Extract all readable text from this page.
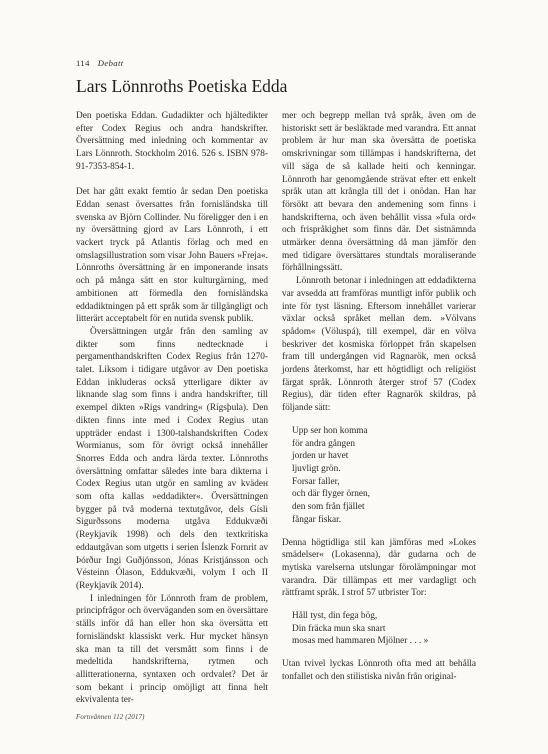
114 Debatt
Lars Lönnroths Poetiska Edda

Den poetiska Eddan. Gudadikter och hjältedikter efter Codex Regius och andra handskrifter. Översättning med inledning och kommentar av Lars Lönnroth. Stockholm 2016. 526 s. ISBN 978-91-7353-854-1.

Det har gått exakt femtio år sedan Den poetiska Eddan senast översattes från fornisländska till svenska av Björn Collinder. Nu föreligger den i en ny översättning gjord av Lars Lönnroth, i ett vackert tryck på Atlantis förlag och med en omslagsillustration som visar John Bauers »Freja«. Lönnroths översättning är en imponerande insats och på många sätt en stor kulturgärning, med ambitionen att förmedla den fornisländska eddadiktningen på ett språk som är tillgängligt och litterärt acceptabelt för en nutida svensk publik.

Översättningen utgår från den samling av dikter som finns nedtecknade i pergamenthandskriften Codex Regius från 1270-talet. Liksom i tidigare utgåvor av Den poetiska Eddan inkluderas också ytterligare dikter av liknande slag som finns i andra handskrifter, till exempel dikten »Rigs vandring« (Rígsþula). Den dikten finns inte med i Codex Regius utan uppträder endast i 1300-talshandskriften Codex Wormianus, som för övrigt också innehåller Snorres Edda och andra lärda texter. Lönnroths översättning omfattar således inte bara dikterna i Codex Regius utan utgör en samling av kvädeн som ofta kallas »eddadikter«. Översättningen bygger på två moderna textutgåvor, dels Gísli Sigurðssons moderna utgåva Eddukvæði (Reykjavík 1998) och dels den textkritiska eddautgåvan som utgetts i serien Íslenzk Fornrit av Þórður Ingi Guðjónsson, Jónas Kristjánsson och Vésteinn Ólason, Eddukvæði, volym I och II (Reykjavík 2014).

I inledningen för Lönnroth fram de problem, principfrågor och överväganden som en översättare ställs inför då han eller hon ska översätta ett fornisländskt klassiskt verk. Hur mycket hänsyn ska man ta till det versmått som finns i de medeltida handskrifterna, rytmen och allitterationerna, syntaxen och ordvalet? Det är som bekant i princip omöjligt att finna helt ekvivalenta ter-

mer och begrepp mellan två språk, även om de historiskt sett är besläktade med varandra. Ett annat problem är hur man ska översätta de poetiska omskrivningar som tillämpas i handskrifterna, det vill säga de så kallade heiti och kenningar. Lönnroth har genomgående strävat efter ett enkelt språk utan att krångla till det i onödan. Han har försökt att bevara den andemening som finns i handskrifterna, och även behållit vissa »fula ord« och frispråkighet som finns där. Det sistnämnda utmärker denna översättning då man jämför den med tidigare översättares stundtals moraliserande förhållningssätt.

Lönnroth betonar i inledningen att eddadikterna var avsedda att framföras muntligt inför publik och inte för tyst läsning. Eftersom innehållet varierar växlar också språket mellan dem. »Völvans spådom« (Völuspá), till exempel, där en völva beskriver det kosmiska förloppet från skapelsen fram till undergången vid Ragnarök, men också jordens återkomst, har ett högtidligt och religiöst färgat språk. Lönnroth återger strof 57 (Codex Regius), där tiden efter Ragnarök skildras, på följande sätt:

Upp ser hon komma
för andra gången
jorden ur havet
ljuvligt grön.
Forsar faller,
och där flyger örnen,
den som från fjället
fångar fiskar.

Denna högtidliga stil kan jämföras med »Lokes smädelser« (Lokasenna), där gudarna och de mytiska varelserna utslungar förolämpningar mot varandra. Där tillämpas ett mer vardagligt och rättframt språk. I strof 57 utbrister Tor:

Håll tyst, din fega bög,
Din fräcka mun ska snart
mosas med hammaren Mjölner . . . »

Utan tvivel lyckas Lönnroth ofta med att behålla tonfallet och den stilistiska nivån från original-

Fornvännen 112 (2017)
